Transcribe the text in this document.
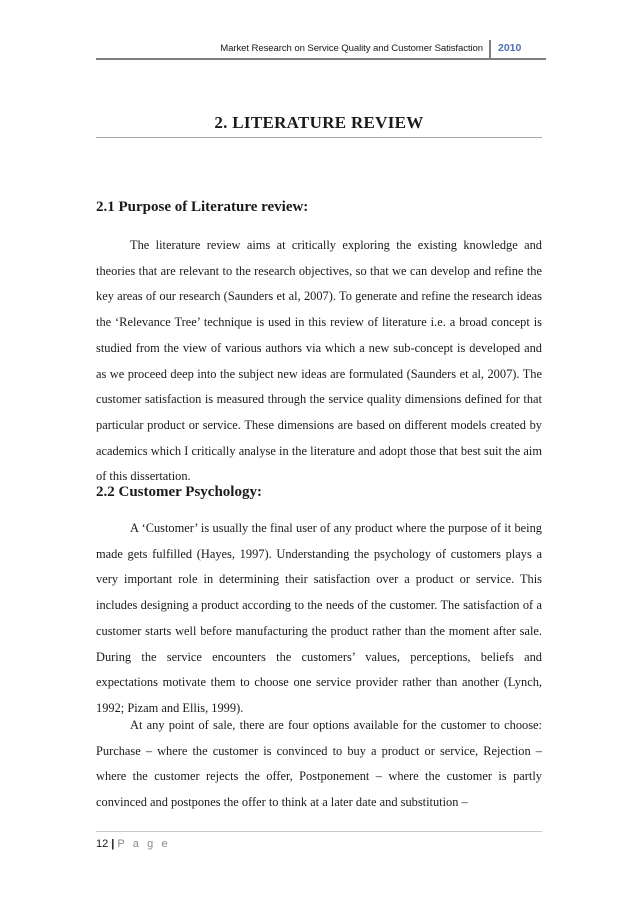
Market Research on Service Quality and Customer Satisfaction 2010
2. LITERATURE REVIEW
2.1 Purpose of Literature review:

The literature review aims at critically exploring the existing knowledge and theories that are relevant to the research objectives, so that we can develop and refine the key areas of our research (Saunders et al, 2007). To generate and refine the research ideas the ‘Relevance Tree’ technique is used in this review of literature i.e. a broad concept is studied from the view of various authors via which a new sub-concept is developed and as we proceed deep into the subject new ideas are formulated (Saunders et al, 2007). The customer satisfaction is measured through the service quality dimensions defined for that particular product or service. These dimensions are based on different models created by academics which I critically analyse in the literature and adopt those that best suit the aim of this dissertation.

2.2 Customer Psychology:

A ‘Customer’ is usually the final user of any product where the purpose of it being made gets fulfilled (Hayes, 1997). Understanding the psychology of customers plays a very important role in determining their satisfaction over a product or service. This includes designing a product according to the needs of the customer. The satisfaction of a customer starts well before manufacturing the product rather than the moment after sale. During the service encounters the customers’ values, perceptions, beliefs and expectations motivate them to choose one service provider rather than another (Lynch, 1992; Pizam and Ellis, 1999).

At any point of sale, there are four options available for the customer to choose: Purchase – where the customer is convinced to buy a product or service, Rejection – where the customer rejects the offer, Postponement – where the customer is partly convinced and postpones the offer to think at a later date and substitution –

12 | P a g e
